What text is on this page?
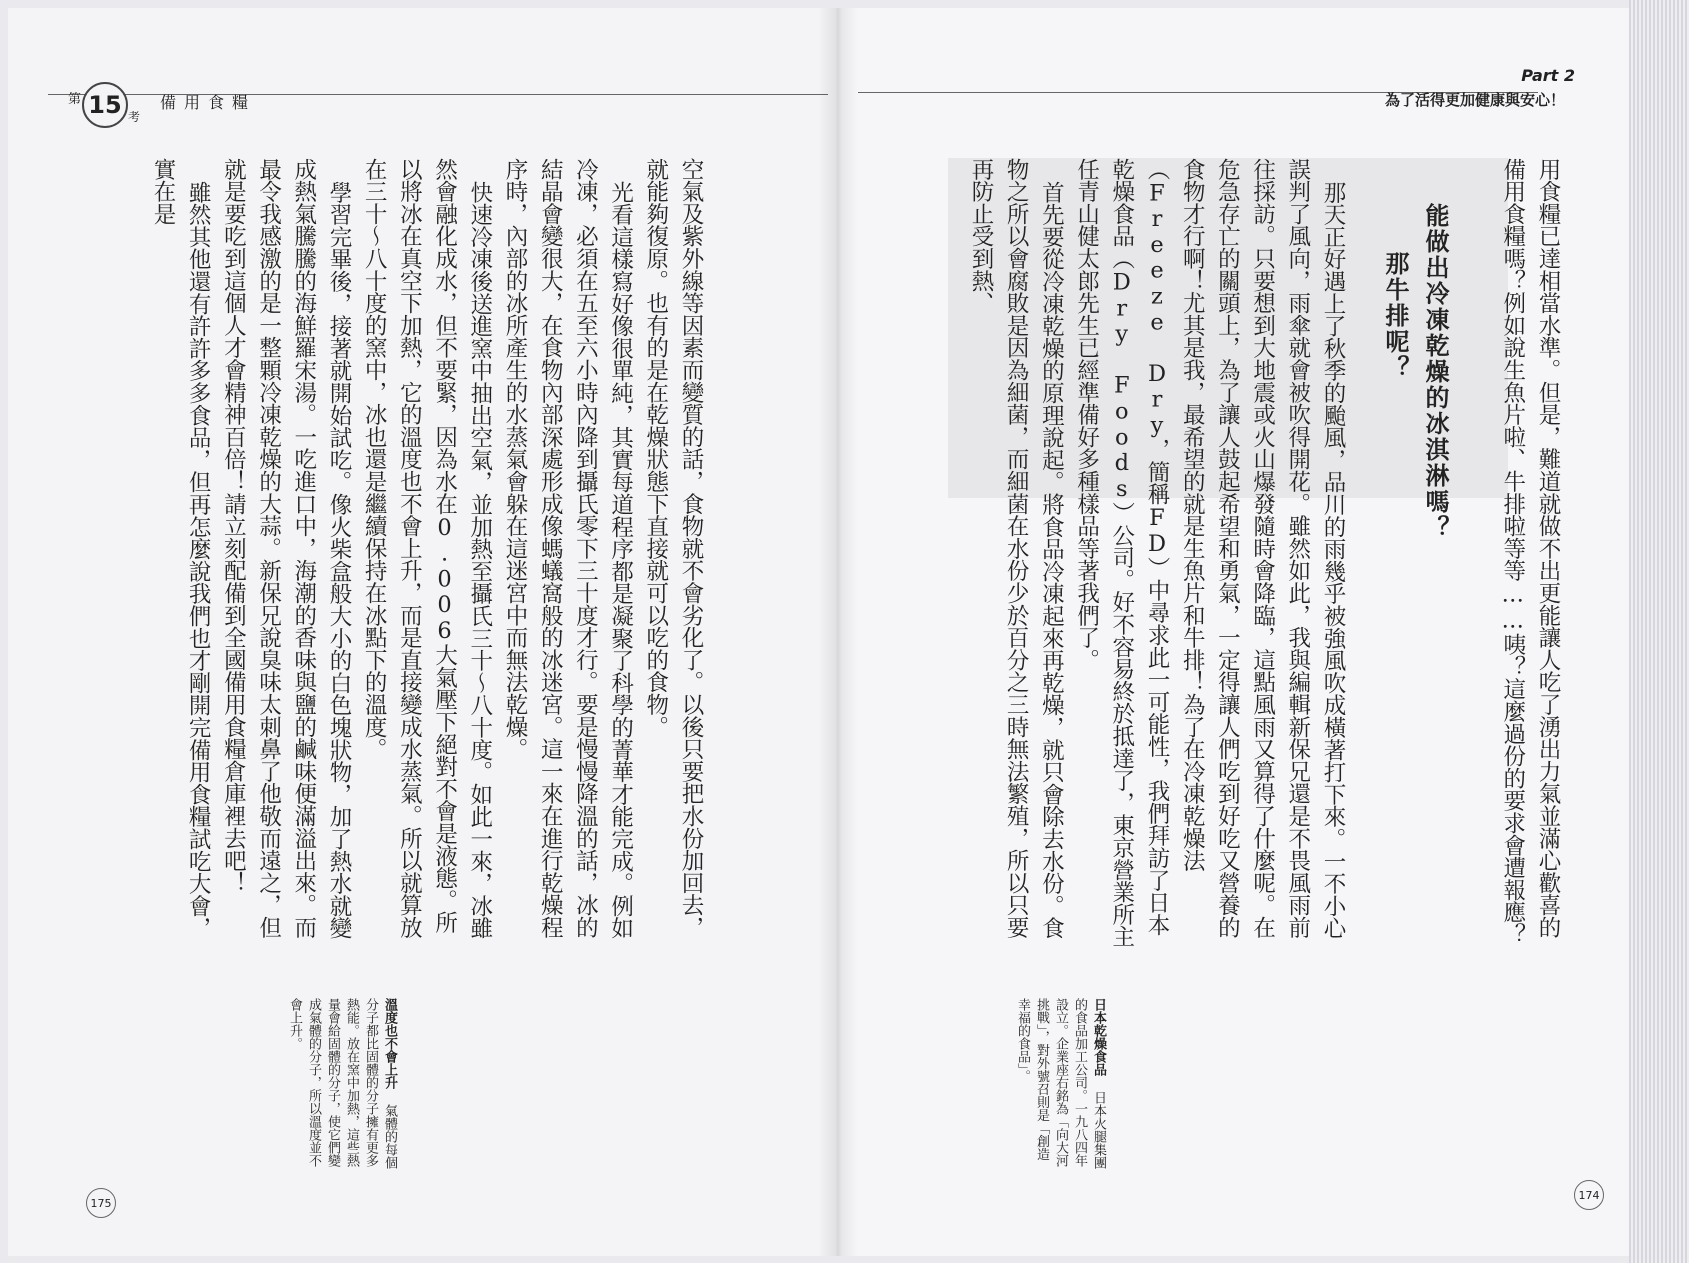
第 15 考
備用食糧
空氣及紫外線等因素而變質的話，食物就不會劣化了。以後只要把水份加回去，就能夠復原。也有的是在乾燥狀態下直接就可以吃的食物。
光看這樣寫好像很單純，其實每道程序都是凝聚了科學的菁華才能完成。例如冷凍，必須在五至六小時內降到攝氏零下三十度才行。要是慢慢降溫的話，冰的結晶會變很大，在食物內部深處形成像螞蟻窩般的冰迷宮。這一來在進行乾燥程序時，內部的冰所產生的水蒸氣會躲在這迷宮中而無法乾燥。
快速冷凍後送進窯中抽出空氣，並加熱至攝氏三十～八十度。如此一來，冰雖然會融化成水，但不要緊，因為水在0.006大氣壓下絕對不會是液態。所以將冰在真空下加熱，它的溫度也不會上升，而是直接變成水蒸氣。所以就算放在三十～八十度的窯中，冰也還是繼續保持在冰點下的溫度。
學習完畢後，接著就開始試吃。像火柴盒般大小的白色塊狀物，加了熱水就變成熱氣騰騰的海鮮羅宋湯。一吃進口中，海潮的香味與鹽的鹹味便滿溢出來。而最令我感激的是一整顆冷凍乾燥的大蒜。新保兄說臭味太刺鼻了他敬而遠之，但就是要吃到這個人才會精神百倍！請立刻配備到全國備用食糧倉庫裡去吧！
雖然其他還有許許多多食品，但再怎麼說我們也才剛開完備用食糧試吃大會，實在是
溫度也不會上升 氣體的每個分子都比固體的分子擁有更多熱能。放在窯中加熱，這些熱量會給固體的分子，使它們變成氣體的分子，所以溫度並不會上升。
175
Part 2
為了活得更加健康與安心！
用食糧已達相當水準。但是，難道就做不出更能讓人吃了湧出力氣並滿心歡喜的備用食糧嗎？例如說生魚片啦、牛排啦等等……咦？這麼過份的要求會遭報應？
能做出冷凍乾燥的冰淇淋嗎？
那牛排呢？
那天正好遇上了秋季的颱風，品川的雨幾乎被強風吹成橫著打下來。一不小心誤判了風向，雨傘就會被吹得開花。雖然如此，我與編輯新保兄還是不畏風雨前往採訪。只要想到大地震或火山爆發隨時會降臨，這點風雨又算得了什麼呢。在危急存亡的關頭上，為了讓人鼓起希望和勇氣，一定得讓人們吃到好吃又營養的食物才行啊！尤其是我，最希望的就是生魚片和牛排！為了在冷凍乾燥法（Freeze Dry，簡稱FD）中尋求此一可能性，我們拜訪了日本乾燥食品（Dry Foods）公司。好不容易終於抵達了，東京營業所主任青山健太郎先生已經準備好多種樣品等著我們了。
首先要從冷凍乾燥的原理說起。將食品冷凍起來再乾燥，就只會除去水份。食物之所以會腐敗是因為細菌，而細菌在水份少於百分之三時無法繁殖，所以只要再防止受到熱、
日本乾燥食品 日本火腿集團的食品加工公司。一九八四年設立。企業座右銘為「向大河挑戰」，對外號召則是「創造幸福的食品」。
174
